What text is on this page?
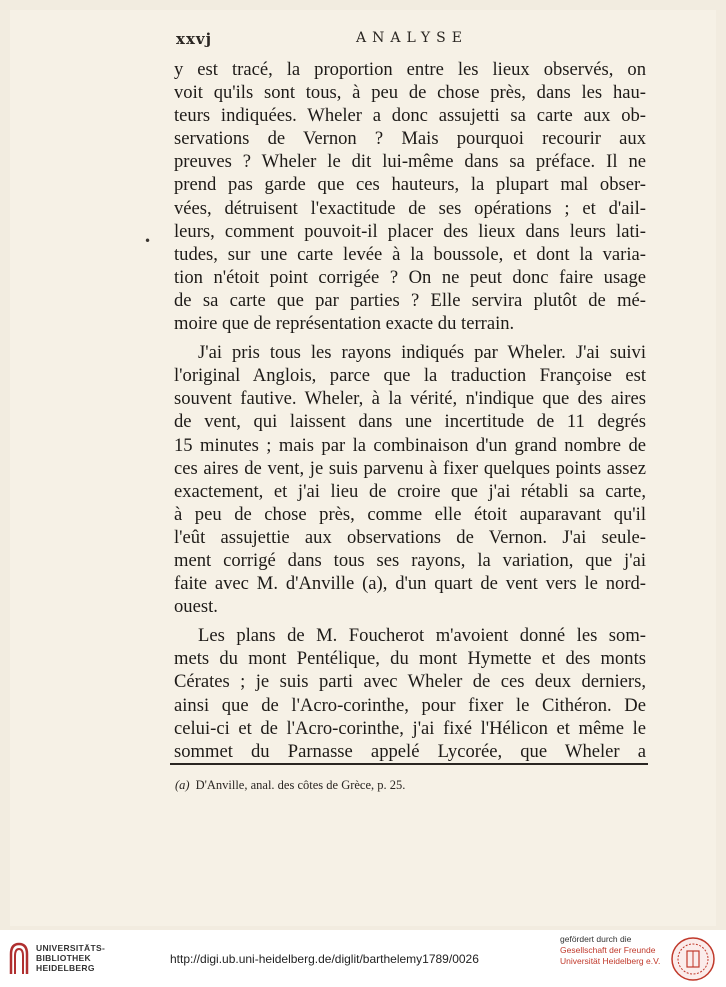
xxvj	ANALYSE
•
y est tracé, la proportion entre les lieux observés, on
voit qu'ils sont tous, à peu de chose près, dans les hau-
teurs indiquées. Wheler a donc assujetti sa carte aux ob-
servations de Vernon ? Mais pourquoi recourir aux
preuves ? Wheler le dit lui-même dans sa préface. Il ne
prend pas garde que ces hauteurs, la plupart mal obser-
vées, détruisent l'exactitude de ses opérations ; et d'ail-
leurs, comment pouvoit-il placer des lieux dans leurs lati-
tudes, sur une carte levée à la boussole, et dont la varia-
tion n'étoit point corrigée ? On ne peut donc faire usage
de sa carte que par parties ? Elle servira plutôt de mé-
moire que de représentation exacte du terrain.
J'ai pris tous les rayons indiqués par Wheler. J'ai suivi
l'original Anglois, parce que la traduction Françoise est
souvent fautive. Wheler, à la vérité, n'indique que des aires
de vent, qui laissent dans une incertitude de 11 degrés
15 minutes ; mais par la combinaison d'un grand nombre de
ces aires de vent, je suis parvenu à fixer quelques points assez
exactement, et j'ai lieu de croire que j'ai rétabli sa carte,
à peu de chose près, comme elle étoit auparavant qu'il
l'eût assujettie aux observations de Vernon. J'ai seule-
ment corrigé dans tous ses rayons, la variation, que j'ai
faite avec M. d'Anville (a), d'un quart de vent vers le nord-
ouest.
Les plans de M. Foucherot m'avoient donné les som-
mets du mont Pentélique, du mont Hymette et des monts
Cérates ; je suis parti avec Wheler de ces deux derniers,
ainsi que de l'Acro-corinthe, pour fixer le Cithéron. De
celui-ci et de l'Acro-corinthe, j'ai fixé l'Hélicon et même le
sommet du Parnasse appelé Lycorée, que Wheler a
(a) D'Anville, anal. des côtes de Grèce, p. 25.
UNIVERSITÄTS-
BIBLIOTHEK
HEIDELBERG
http://digi.ub.uni-heidelberg.de/diglit/barthelemy1789/0026
gefördert durch die
Gesellschaft der Freunde
Universität Heidelberg e.V.
